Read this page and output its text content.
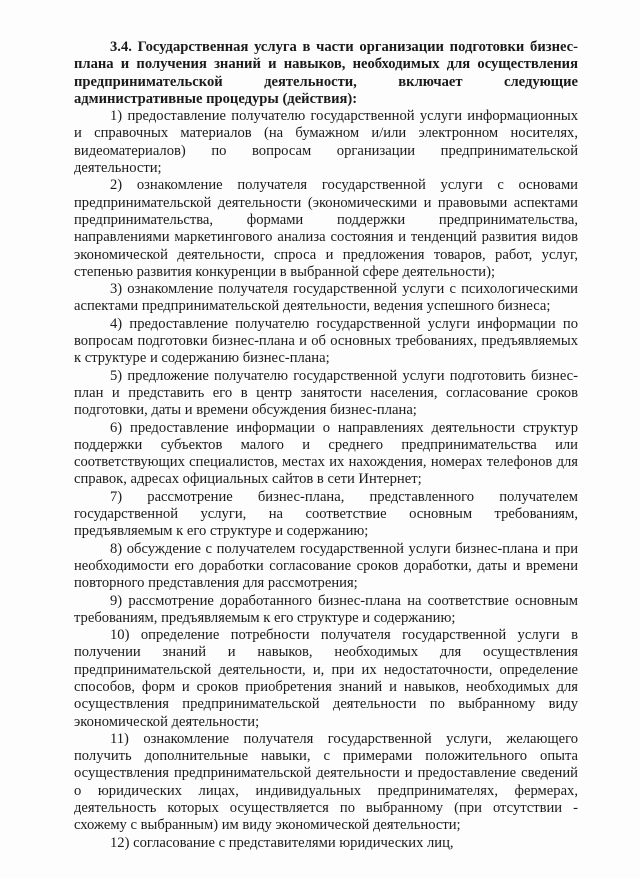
3.4. Государственная услуга в части организации подготовки бизнес-плана и получения знаний и навыков, необходимых для осуществления предпринимательской деятельности, включает следующие административные процедуры (действия):

1) предоставление получателю государственной услуги информационных и справочных материалов (на бумажном и/или электронном носителях, видеоматериалов) по вопросам организации предпринимательской деятельности;

2) ознакомление получателя государственной услуги с основами предпринимательской деятельности (экономическими и правовыми аспектами предпринимательства, формами поддержки предпринимательства, направлениями маркетингового анализа состояния и тенденций развития видов экономической деятельности, спроса и предложения товаров, работ, услуг, степенью развития конкуренции в выбранной сфере деятельности);

3) ознакомление получателя государственной услуги с психологическими аспектами предпринимательской деятельности, ведения успешного бизнеса;

4) предоставление получателю государственной услуги информации по вопросам подготовки бизнес-плана и об основных требованиях, предъявляемых к структуре и содержанию бизнес-плана;

5) предложение получателю государственной услуги подготовить бизнес-план и представить его в центр занятости населения, согласование сроков подготовки, даты и времени обсуждения бизнес-плана;

6) предоставление информации о направлениях деятельности структур поддержки субъектов малого и среднего предпринимательства или соответствующих специалистов, местах их нахождения, номерах телефонов для справок, адресах официальных сайтов в сети Интернет;

7) рассмотрение бизнес-плана, представленного получателем государственной услуги, на соответствие основным требованиям, предъявляемым к его структуре и содержанию;

8) обсуждение с получателем государственной услуги бизнес-плана и при необходимости его доработки согласование сроков доработки, даты и времени повторного представления для рассмотрения;

9) рассмотрение доработанного бизнес-плана на соответствие основным требованиям, предъявляемым к его структуре и содержанию;

10) определение потребности получателя государственной услуги в получении знаний и навыков, необходимых для осуществления предпринимательской деятельности, и, при их недостаточности, определение способов, форм и сроков приобретения знаний и навыков, необходимых для осуществления предпринимательской деятельности по выбранному виду экономической деятельности;

11) ознакомление получателя государственной услуги, желающего получить дополнительные навыки, с примерами положительного опыта осуществления предпринимательской деятельности и предоставление сведений о юридических лицах, индивидуальных предпринимателях, фермерах, деятельность которых осуществляется по выбранному (при отсутствии - схожему с выбранным) им виду экономической деятельности;

12) согласование с представителями юридических лиц,
